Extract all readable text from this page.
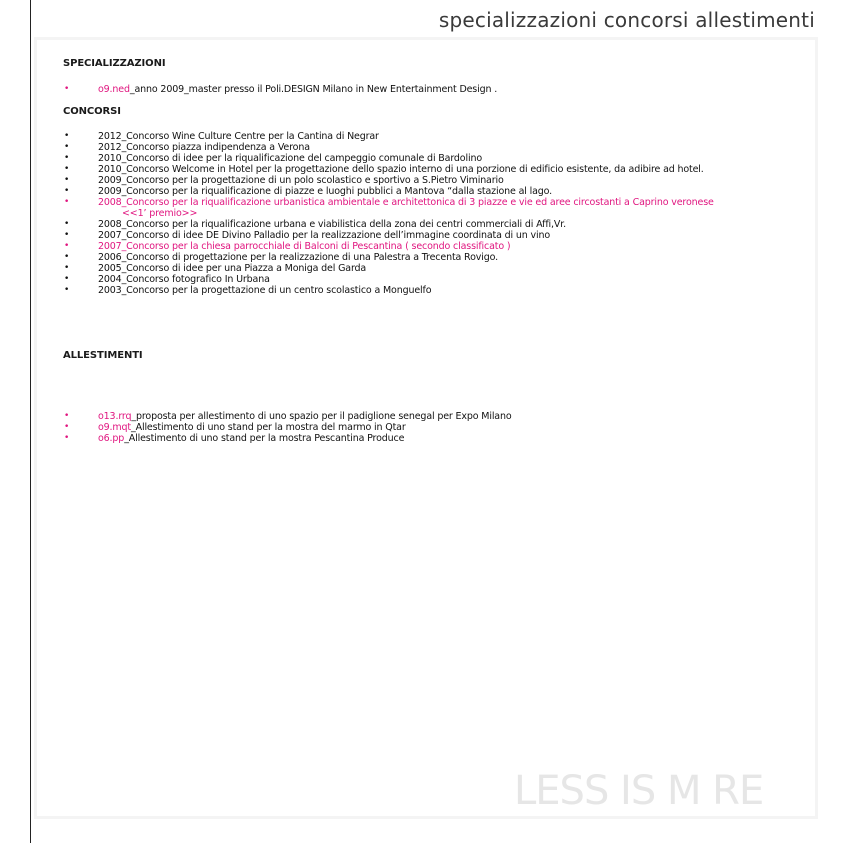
specializzazioni concorsi allestimenti
SPECIALIZZAZIONI
•	o9.ned_anno 2009_master presso il Poli.DESIGN Milano in New Entertainment Design .
CONCORSI
•	2012_Concorso Wine Culture Centre per la Cantina di Negrar
•	2012_Concorso piazza indipendenza a Verona
•	2010_Concorso di idee per la riqualificazione del campeggio comunale di Bardolino
•	2010_Concorso Welcome in Hotel per la progettazione dello spazio interno di una porzione di edificio esistente, da adibire ad hotel.
•	2009_Concorso per la progettazione di un polo scolastico e sportivo a S.Pietro Viminario
•	2009_Concorso per la riqualificazione di piazze e luoghi pubblici a Mantova “dalla stazione al lago.
•	2008_Concorso per la riqualificazione urbanistica ambientale e architettonica di 3 piazze e vie ed aree circostanti a Caprino veronese
<<1’ premio>>
•	2008_Concorso per la riqualificazione urbana e viabilistica della zona dei centri commerciali di Affi,Vr.
•	2007_Concorso di idee DE Divino Palladio per la realizzazione dell’immagine coordinata di un vino
•	2007_Concorso per la chiesa parrocchiale di Balconi di Pescantina ( secondo classificato )
•	2006_Concorso di progettazione per la realizzazione di una Palestra a Trecenta Rovigo.
•	2005_Concorso di idee per una Piazza a Moniga del Garda
•	2004_Concorso fotografico In Urbana
•	2003_Concorso per la progettazione di un centro scolastico a Monguelfo
ALLESTIMENTI
•	o13.rrq_proposta per allestimento di uno spazio per il padiglione senegal per Expo Milano
•	o9.mqt_Allestimento di uno stand per la mostra del marmo in Qtar
•	o6.pp_Allestimento di uno stand per la mostra Pescantina Produce
LESS IS M RE
